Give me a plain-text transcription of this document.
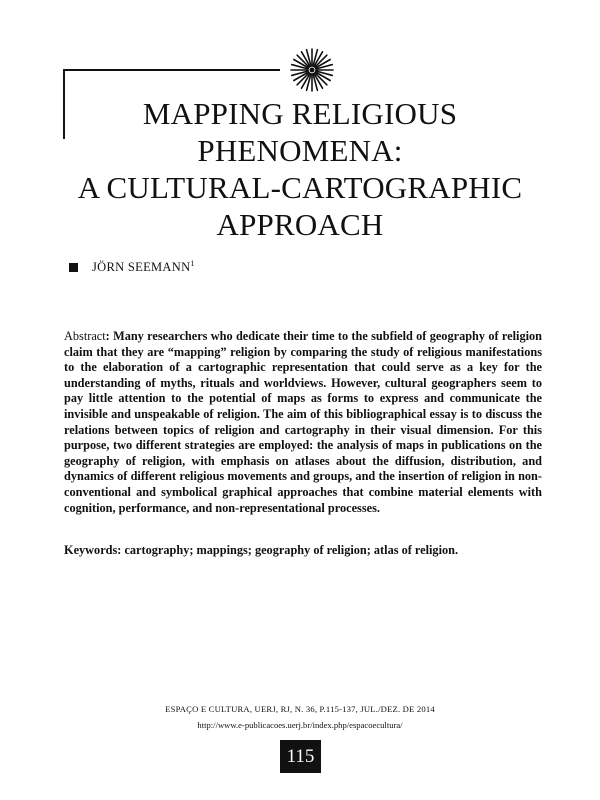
MAPPING RELIGIOUS PHENOMENA:
A CULTURAL-CARTOGRAPHIC
APPROACH
JÖRN SEEMANN$^1$

Abstract: Many researchers who dedicate their time to the subfield of geography of religion claim that they are “mapping” religion by comparing the study of religious manifestations to the elaboration of a cartographic representation that could serve as a key for the understanding of myths, rituals and worldviews. However, cultural geographers seem to pay little attention to the potential of maps as forms to express and communicate the invisible and unspeakable of religion. The aim of this bibliographical essay is to discuss the relations between topics of religion and cartography in their visual dimension. For this purpose, two different strategies are employed: the analysis of maps in publications on the geography of religion, with emphasis on atlases about the diffusion, distribution, and dynamics of different religious movements and groups, and the insertion of religion in non-conventional and symbolical graphical approaches that combine material elements with cognition, performance, and non-representational processes.

Keywords: cartography; mappings; geography of religion; atlas of religion.

ESPAÇO E CULTURA, UERJ, RJ, N. 36, P.115-137, JUL./DEZ. DE 2014
http://www.e-publicacoes.uerj.br/index.php/espacoecultura/
115
